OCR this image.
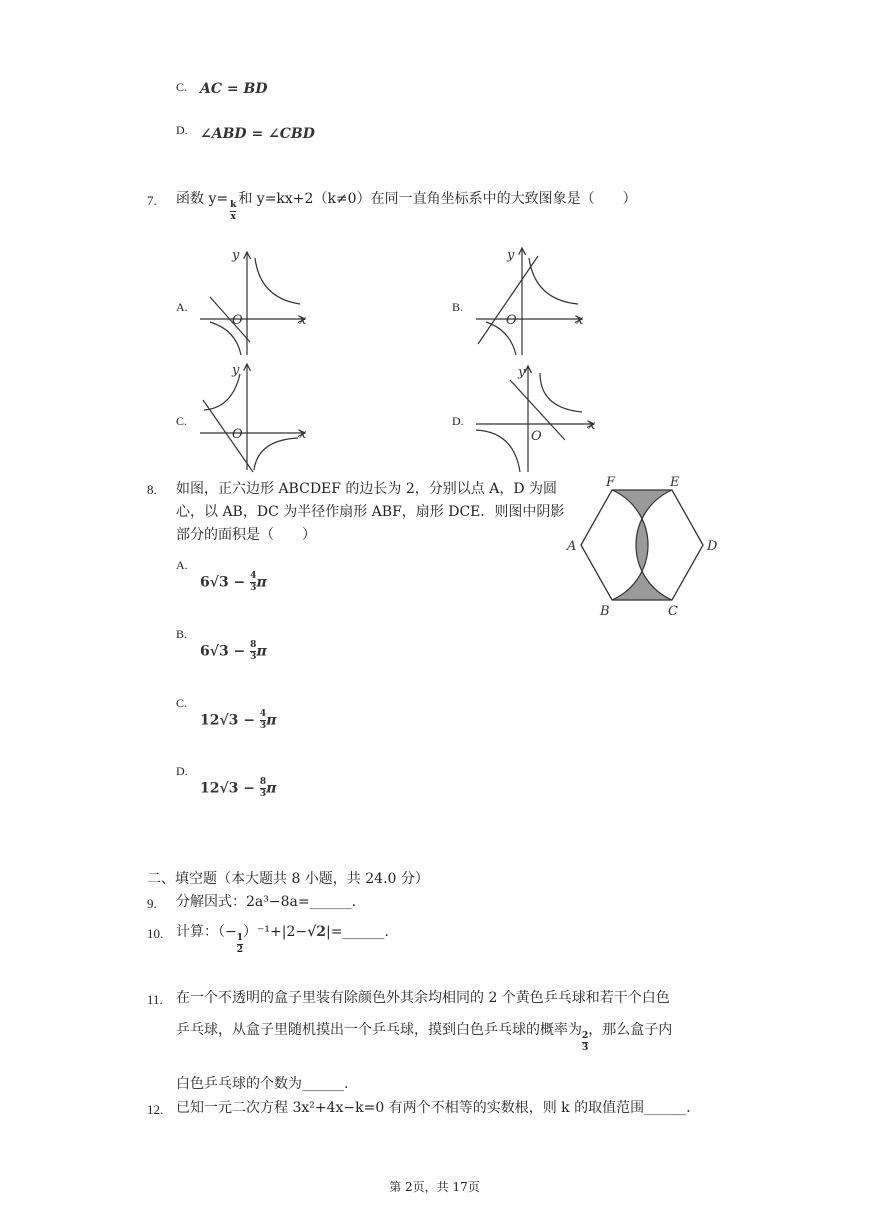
C. AC = BD
D. ∠ABD = ∠CBD
7. 函数 y=
$\frac{k}{x}$
和 y=kx+2（k≠0）在同一直角坐标系中的大致图象是（　　）
A.	B.
C.	D.
x
y
O	x
y
O
x
y
O
x
y
O
8. 如图，正六边形 ABCDEF 的边长为 2，分别以点 A，D 为圆
心，以 AB，DC 为半径作扇形 ABF，扇形 DCE．则图中阴影
部分的面积是（　　）
F	E
A	D
B	C
A.
$6√3 - \frac{4}{3}$ π
B.
$6√3 - \frac{8}{3}$ π
C.
$12√3 - \frac{4}{3}$ π
D.
$12√3 - \frac{8}{3}$ π
二、填空题（本大题共 8 小题，共 24.0 分）
9. 分解因式：2a³−8a=______.
10. 计算：（−
$\frac{1}{2}$
）⁻¹+|2−√2|=______.
11. 在一个不透明的盒子里装有除颜色外其余均相同的 2 个黄色乒乓球和若干个白色
乒乓球，从盒子里随机摸出一个乒乓球，摸到白色乒乓球的概率为
$\frac{2}{3}$
，那么盒子内
白色乒乓球的个数为______.
12. 已知一元二次方程 3x²+4x−k=0 有两个不相等的实数根，则 k 的取值范围______.
第 2页，共 17页
